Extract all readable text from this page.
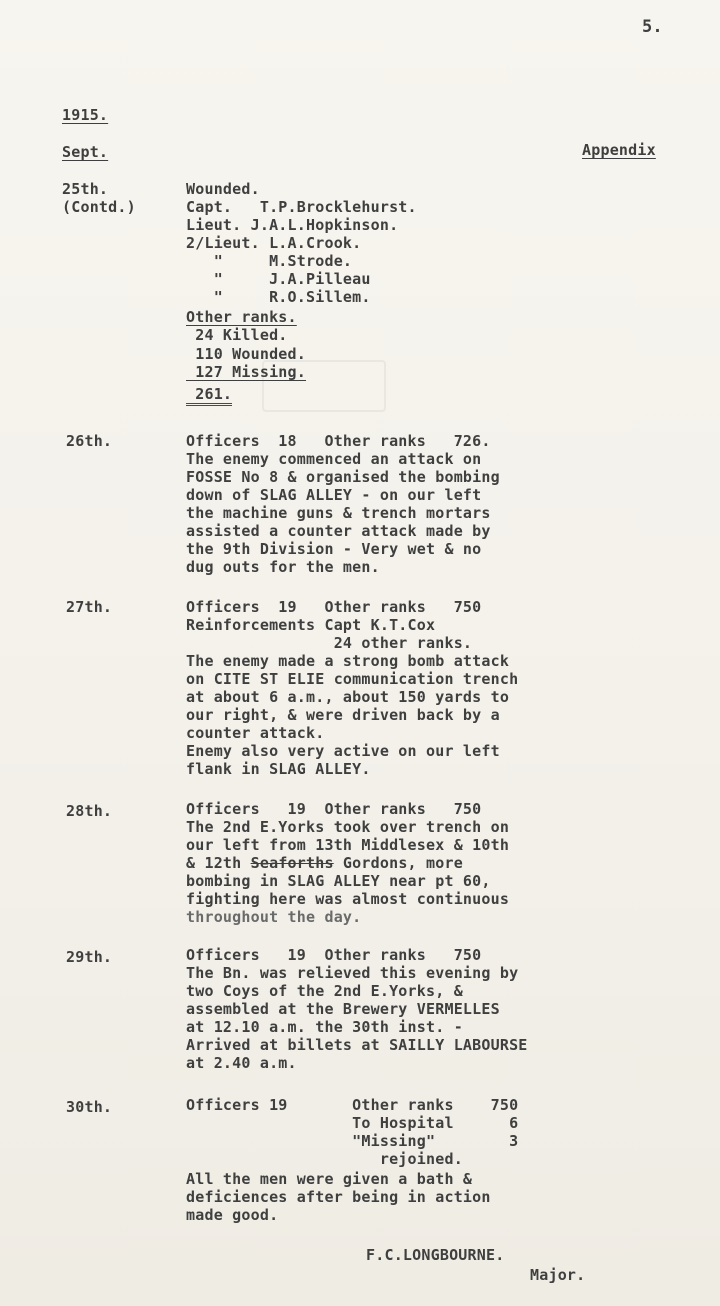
5.
1915.
Sept.	Appendix
25th.
(Contd.)
Wounded.
Capt.   T.P.Brocklehurst.
Lieut. J.A.L.Hopkinson.
2/Lieut. L.A.Crook.
"     M.Strode.
"     J.A.Pilleau
"     R.O.Sillem.
Other ranks.
24 Killed.
110 Wounded.
127 Missing.
261.
26th.	Officers  18   Other ranks   726.
The enemy commenced an attack on
FOSSE No 8 & organised the bombing
down of SLAG ALLEY - on our left
the machine guns & trench mortars
assisted a counter attack made by
the 9th Division - Very wet & no
dug outs for the men.
27th.	Officers  19   Other ranks   750
Reinforcements Capt K.T.Cox
24 other ranks.
The enemy made a strong bomb attack
on CITE ST ELIE communication trench
at about 6 a.m., about 150 yards to
our right, & were driven back by a
counter attack.
Enemy also very active on our left
flank in SLAG ALLEY.
28th.	Officers   19  Other ranks   750
The 2nd E.Yorks took over trench on
our left from 13th Middlesex & 10th
& 12th Seaforths Gordons, more
bombing in SLAG ALLEY near pt 60,
fighting here was almost continuous
throughout the day.
29th.	Officers   19  Other ranks   750
The Bn. was relieved this evening by
two Coys of the 2nd E.Yorks, &
assembled at the Brewery VERMELLES
at 12.10 a.m. the 30th inst. -
Arrived at billets at SAILLY LABOURSE
at 2.40 a.m.
30th.	Officers 19       Other ranks    750
To Hospital      6
"Missing"        3
rejoined.
All the men were given a bath &
deficiences after being in action
made good.
F.C.LONGBOURNE.
Major.
